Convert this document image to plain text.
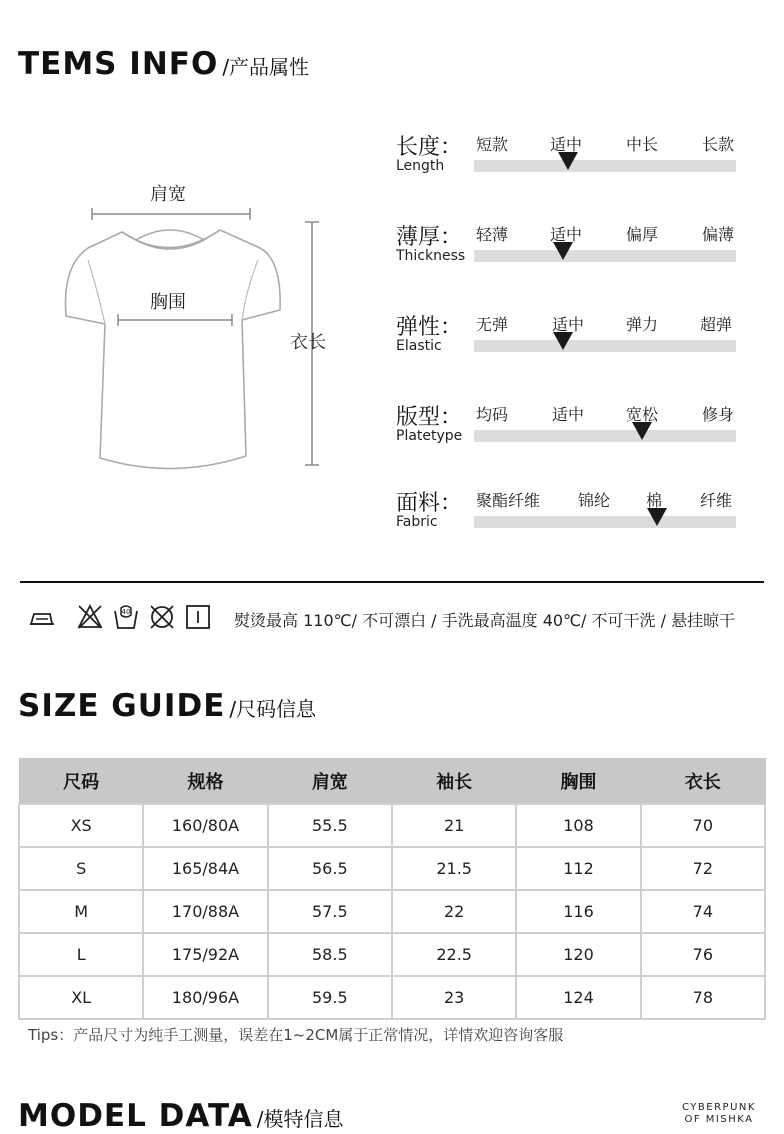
TEMS INFO /产品属性
肩宽
胸围
衣长
长度：
Length
短款	适中	中长	长款
薄厚：
Thickness
轻薄	适中	偏厚	偏薄
弹性：
Elastic
无弹	适中	弹力	超弹
版型：
Platetype
均码	适中	宽松	修身
面料：
Fabric
聚酯纤维 锦纶 棉 纤维
40	熨烫最高 110℃/ 不可漂白 / 手洗最高温度 40℃/ 不可干洗 / 悬挂晾干
SIZE GUIDE /尺码信息
尺码	规格	肩宽	袖长	胸围	衣长
XS	160/80A	55.5	21	108	70
S	165/84A	56.5	21.5	112	72
M	170/88A	57.5	22	116	74
L	175/92A	58.5	22.5	120	76
XL	180/96A	59.5	23	124	78
Tips：产品尺寸为纯手工测量，误差在1~2CM属于正常情况，详情欢迎咨询客服
MODEL DATA /模特信息	CYBERPUNK
OF MISHKA
